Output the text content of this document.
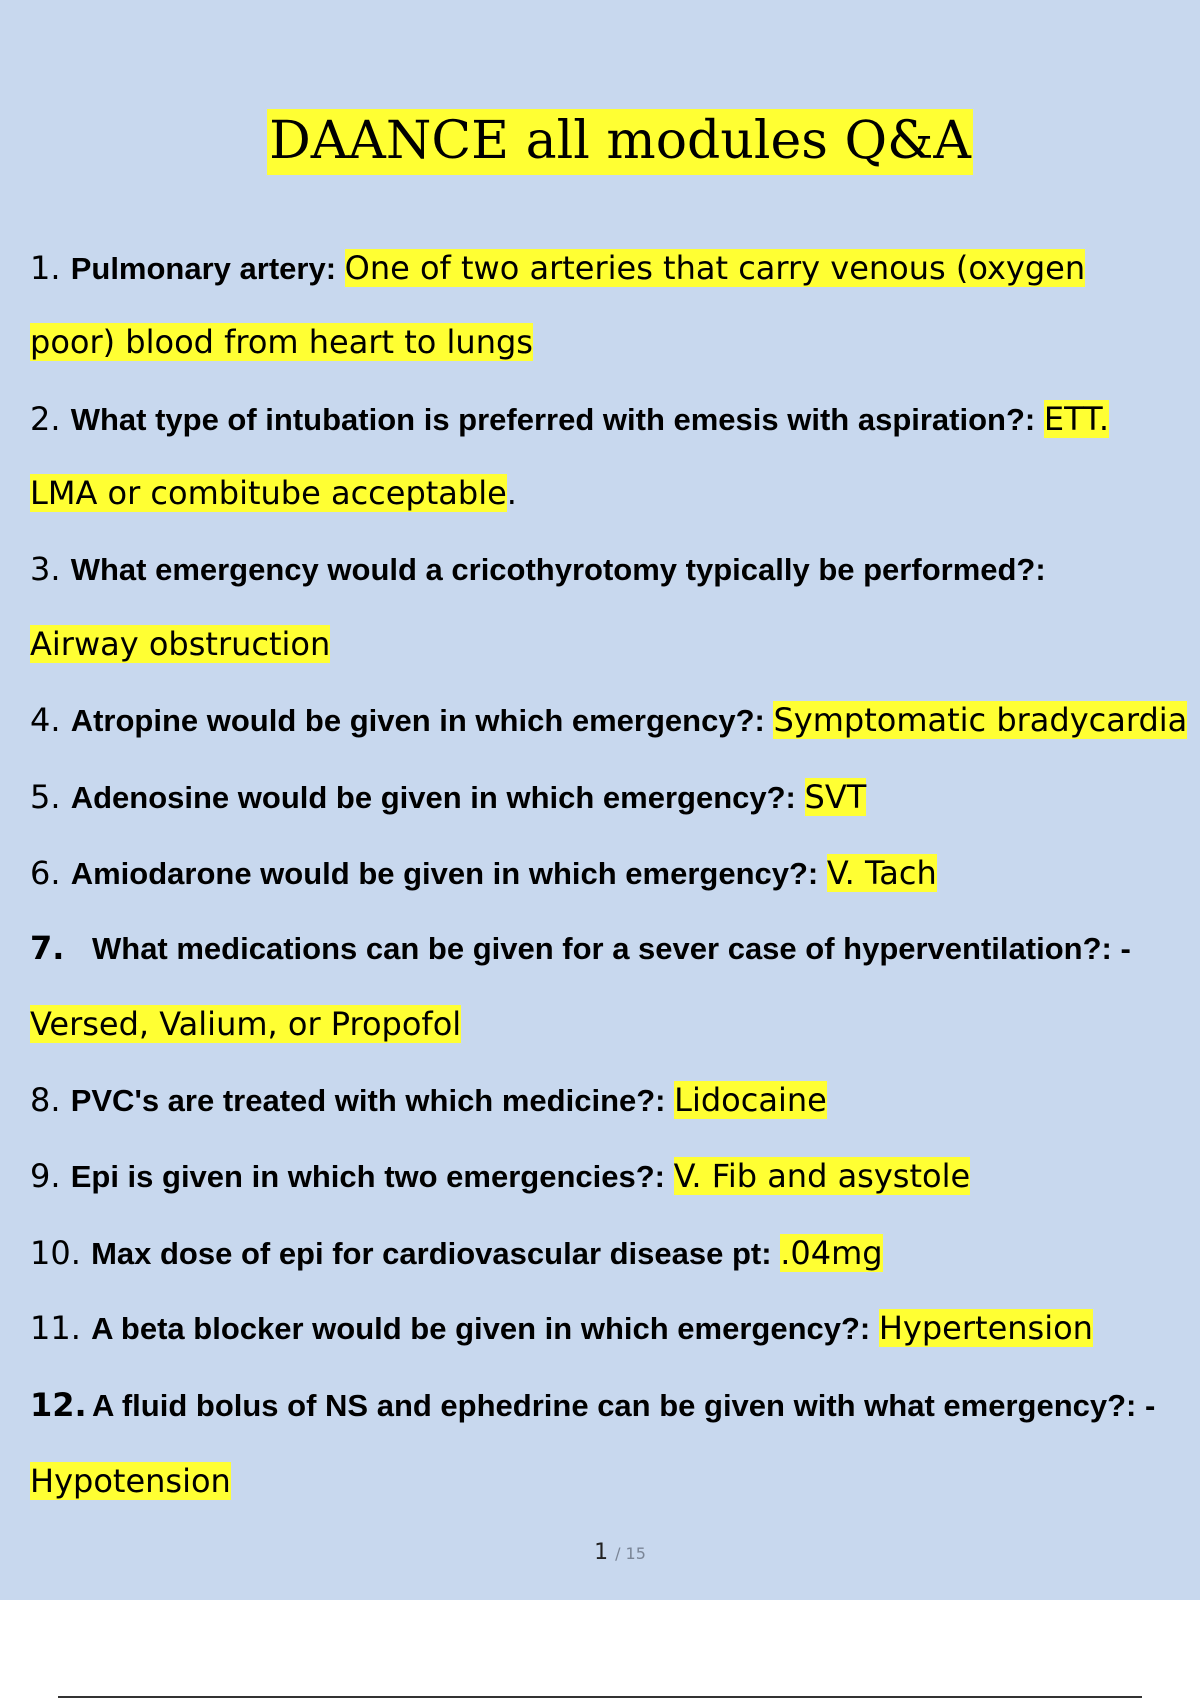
DAANCE all modules Q&A
1. Pulmonary artery: One of two arteries that carry venous (oxygen
poor) blood from heart to lungs
2. What type of intubation is preferred with emesis with aspiration?: ETT.
LMA or combitube acceptable.
3. What emergency would a cricothyrotomy typically be performed?:
Airway obstruction
4. Atropine would be given in which emergency?: Symptomatic bradycardia
5. Adenosine would be given in which emergency?: SVT
6. Amiodarone would be given in which emergency?: V. Tach
7. What medications can be given for a sever case of hyperventilation?: -
Versed, Valium, or Propofol
8. PVC's are treated with which medicine?: Lidocaine
9. Epi is given in which two emergencies?: V. Fib and asystole
10. Max dose of epi for cardiovascular disease pt: .04mg
11. A beta blocker would be given in which emergency?: Hypertension
12. A fluid bolus of NS and ephedrine can be given with what emergency?: -
Hypotension
1 / 15
